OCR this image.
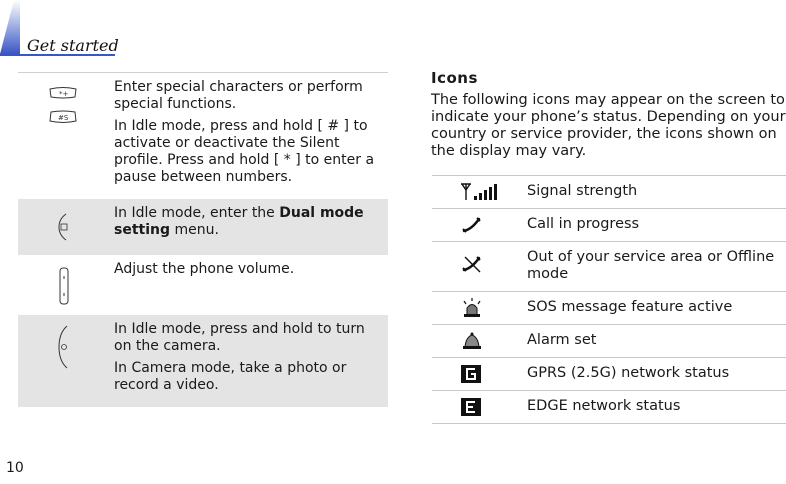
Get started
*+
#S

Enter special characters or perform special functions.

In Idle mode, press and hold [ # ] to activate or deactivate the Silent profile. Press and hold [ * ] to enter a pause between numbers.

In Idle mode, enter the Dual mode setting menu.

Adjust the phone volume.

In Idle mode, press and hold to turn on the camera.

In Camera mode, take a photo or record a video.

Icons

The following icons may appear on the screen to indicate your phone’s status. Depending on your country or service provider, the icons shown on the display may vary.

Signal strength
Call in progress
Out of your service area or Offline mode
SOS message feature active
Alarm set
GPRS (2.5G) network status
EDGE network status
10
